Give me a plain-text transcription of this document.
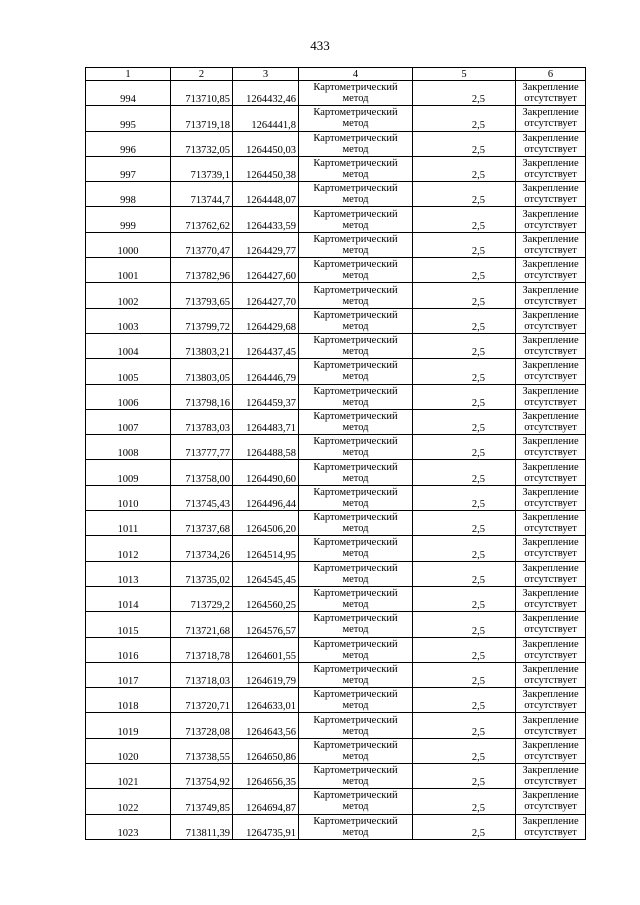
433
1	2	3	4	5	6
994	713710,85	1264432,46	Картометрический метод	2,5	Закрепление отсутствует
995	713719,18	1264441,8	Картометрический метод	2,5	Закрепление отсутствует
996	713732,05	1264450,03	Картометрический метод	2,5	Закрепление отсутствует
997	713739,1	1264450,38	Картометрический метод	2,5	Закрепление отсутствует
998	713744,7	1264448,07	Картометрический метод	2,5	Закрепление отсутствует
999	713762,62	1264433,59	Картометрический метод	2,5	Закрепление отсутствует
1000	713770,47	1264429,77	Картометрический метод	2,5	Закрепление отсутствует
1001	713782,96	1264427,60	Картометрический метод	2,5	Закрепление отсутствует
1002	713793,65	1264427,70	Картометрический метод	2,5	Закрепление отсутствует
1003	713799,72	1264429,68	Картометрический метод	2,5	Закрепление отсутствует
1004	713803,21	1264437,45	Картометрический метод	2,5	Закрепление отсутствует
1005	713803,05	1264446,79	Картометрический метод	2,5	Закрепление отсутствует
1006	713798,16	1264459,37	Картометрический метод	2,5	Закрепление отсутствует
1007	713783,03	1264483,71	Картометрический метод	2,5	Закрепление отсутствует
1008	713777,77	1264488,58	Картометрический метод	2,5	Закрепление отсутствует
1009	713758,00	1264490,60	Картометрический метод	2,5	Закрепление отсутствует
1010	713745,43	1264496,44	Картометрический метод	2,5	Закрепление отсутствует
1011	713737,68	1264506,20	Картометрический метод	2,5	Закрепление отсутствует
1012	713734,26	1264514,95	Картометрический метод	2,5	Закрепление отсутствует
1013	713735,02	1264545,45	Картометрический метод	2,5	Закрепление отсутствует
1014	713729,2	1264560,25	Картометрический метод	2,5	Закрепление отсутствует
1015	713721,68	1264576,57	Картометрический метод	2,5	Закрепление отсутствует
1016	713718,78	1264601,55	Картометрический метод	2,5	Закрепление отсутствует
1017	713718,03	1264619,79	Картометрический метод	2,5	Закрепление отсутствует
1018	713720,71	1264633,01	Картометрический метод	2,5	Закрепление отсутствует
1019	713728,08	1264643,56	Картометрический метод	2,5	Закрепление отсутствует
1020	713738,55	1264650,86	Картометрический метод	2,5	Закрепление отсутствует
1021	713754,92	1264656,35	Картометрический метод	2,5	Закрепление отсутствует
1022	713749,85	1264694,87	Картометрический метод	2,5	Закрепление отсутствует
1023	713811,39	1264735,91	Картометрический метод	2,5	Закрепление отсутствует
